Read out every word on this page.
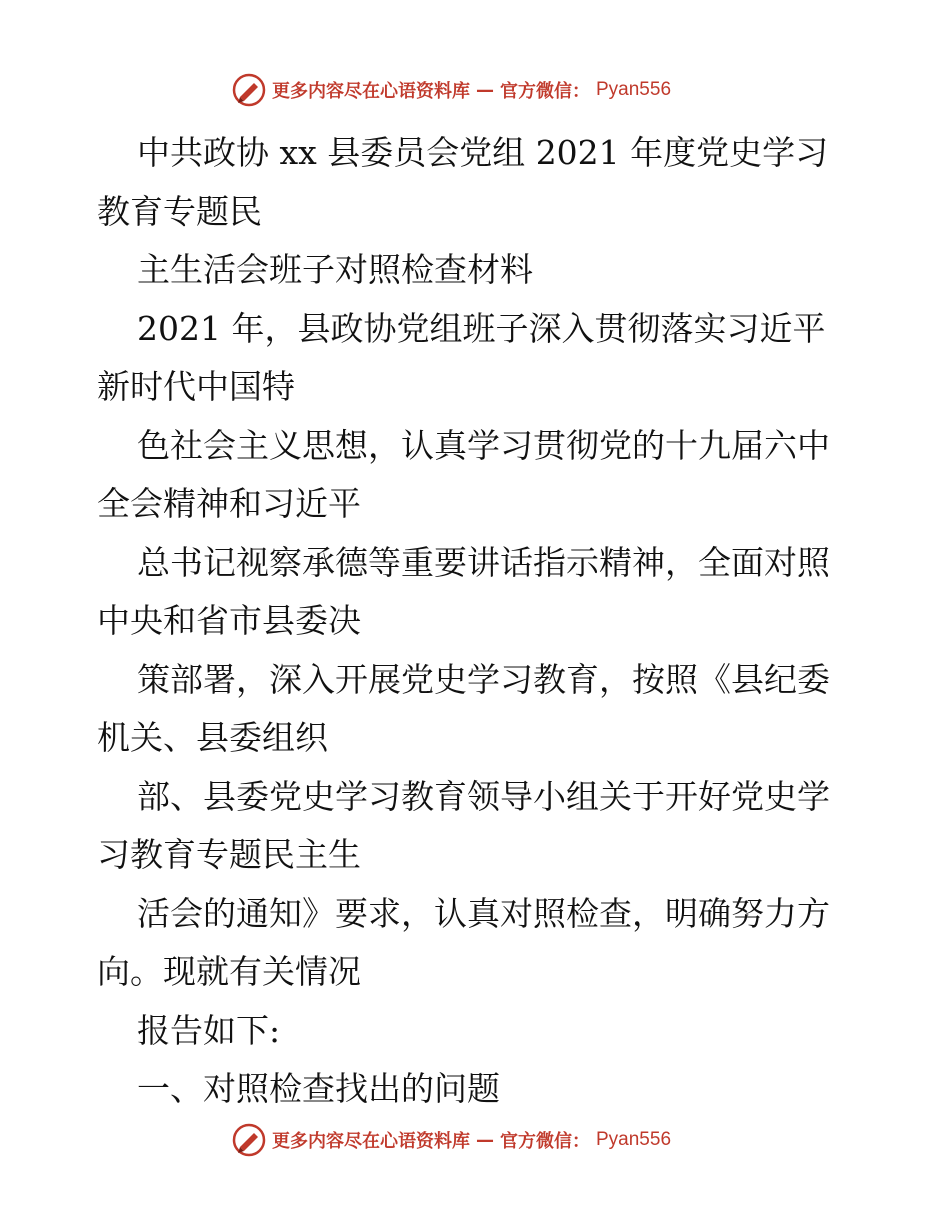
更多内容尽在心语资料库 — 官方微信： Pyan556
中共政协 xx 县委员会党组 2021 年度党史学习
教育专题民
主生活会班子对照检查材料
2021 年，县政协党组班子深入贯彻落实习近平
新时代中国特
色社会主义思想，认真学习贯彻党的十九届六中
全会精神和习近平
总书记视察承德等重要讲话指示精神，全面对照
中央和省市县委决
策部署，深入开展党史学习教育，按照《县纪委
机关、县委组织
部、县委党史学习教育领导小组关于开好党史学
习教育专题民主生
活会的通知》要求，认真对照检查，明确努力方
向。现就有关情况
报告如下:
一、对照检查找出的问题
更多内容尽在心语资料库 — 官方微信： Pyan556
